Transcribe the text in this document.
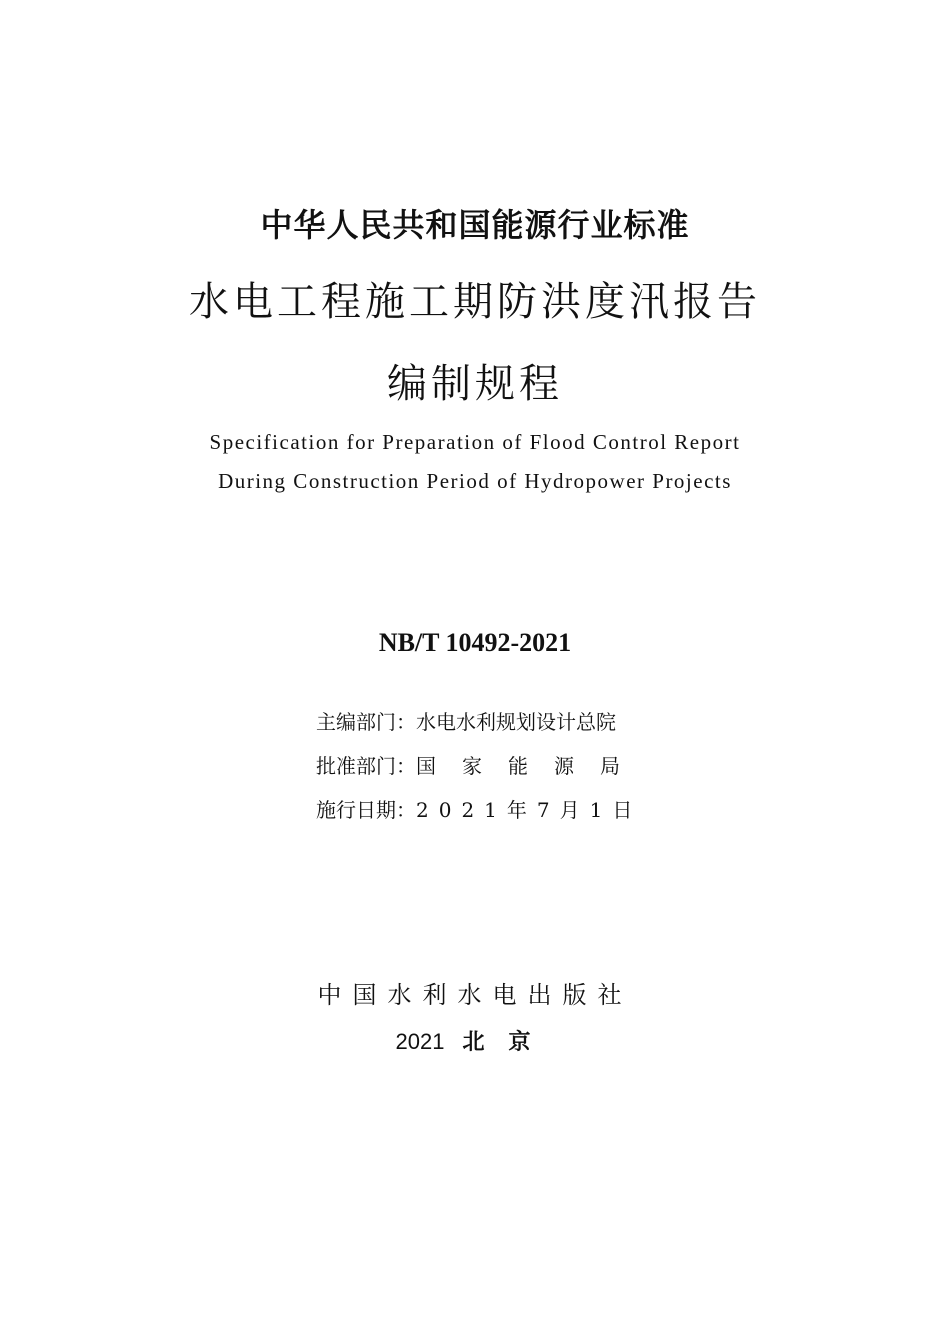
中华人民共和国能源行业标准
水电工程施工期防洪度汛报告
编制规程
Specification for Preparation of Flood Control Report
During Construction Period of Hydropower Projects
NB/T 10492-2021
主编部门：水电水利规划设计总院
批准部门：国家能源局
施行日期：2021年7月1日
中国水利水电出版社
2021 北京
